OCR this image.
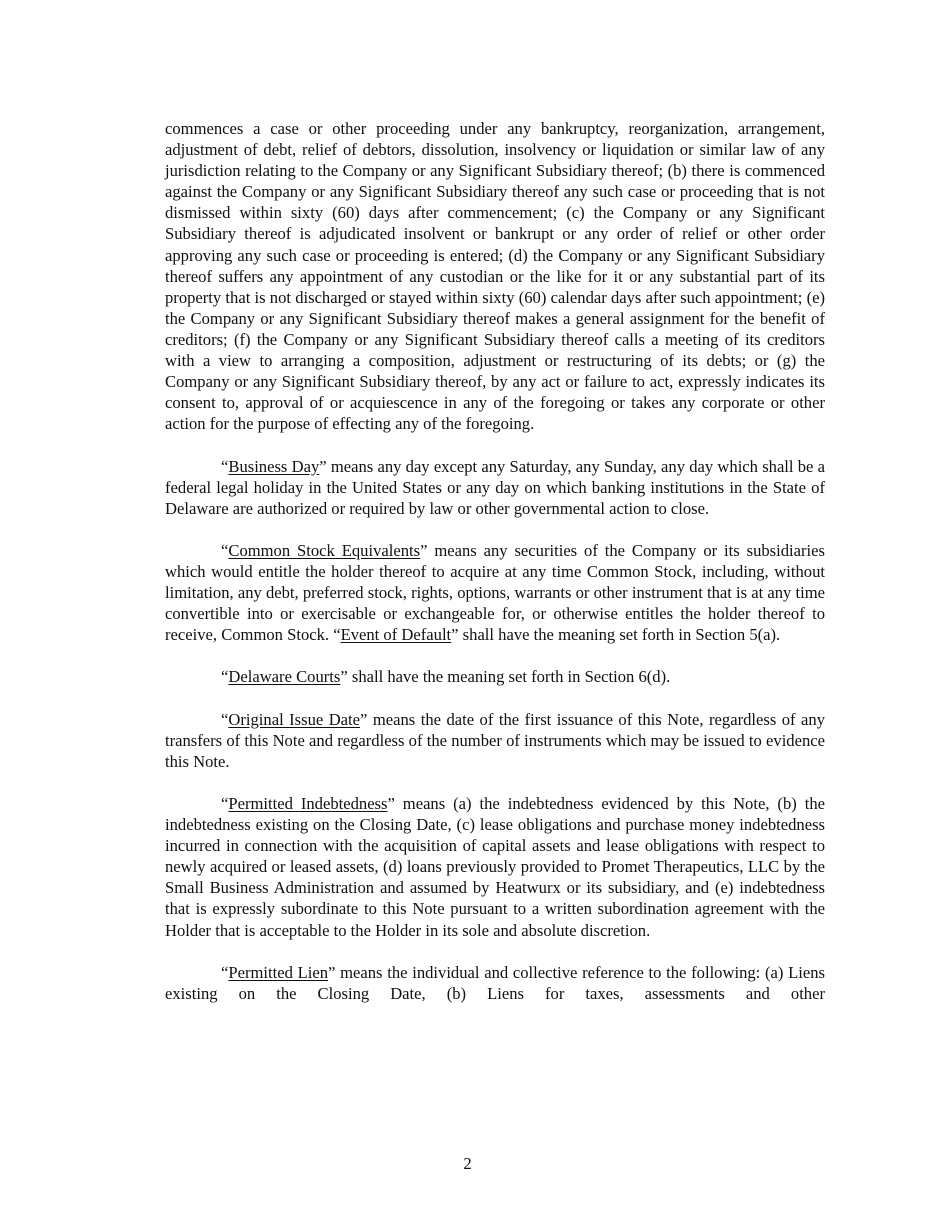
commences a case or other proceeding under any bankruptcy, reorganization, arrangement, adjustment of debt, relief of debtors, dissolution, insolvency or liquidation or similar law of any jurisdiction relating to the Company or any Significant Subsidiary thereof; (b) there is commenced against the Company or any Significant Subsidiary thereof any such case or proceeding that is not dismissed within sixty (60) days after commencement; (c) the Company or any Significant Subsidiary thereof is adjudicated insolvent or bankrupt or any order of relief or other order approving any such case or proceeding is entered; (d) the Company or any Significant Subsidiary thereof suffers any appointment of any custodian or the like for it or any substantial part of its property that is not discharged or stayed within sixty (60) calendar days after such appointment; (e) the Company or any Significant Subsidiary thereof makes a general assignment for the benefit of creditors; (f) the Company or any Significant Subsidiary thereof calls a meeting of its creditors with a view to arranging a composition, adjustment or restructuring of its debts; or (g) the Company or any Significant Subsidiary thereof, by any act or failure to act, expressly indicates its consent to, approval of or acquiescence in any of the foregoing or takes any corporate or other action for the purpose of effecting any of the foregoing.

“Business Day” means any day except any Saturday, any Sunday, any day which shall be a federal legal holiday in the United States or any day on which banking institutions in the State of Delaware are authorized or required by law or other governmental action to close.

“Common Stock Equivalents” means any securities of the Company or its subsidiaries which would entitle the holder thereof to acquire at any time Common Stock, including, without limitation, any debt, preferred stock, rights, options, warrants or other instrument that is at any time convertible into or exercisable or exchangeable for, or otherwise entitles the holder thereof to receive, Common Stock. “Event of Default” shall have the meaning set forth in Section 5(a).

“Delaware Courts” shall have the meaning set forth in Section 6(d).

“Original Issue Date” means the date of the first issuance of this Note, regardless of any transfers of this Note and regardless of the number of instruments which may be issued to evidence this Note.

“Permitted Indebtedness” means (a) the indebtedness evidenced by this Note, (b) the indebtedness existing on the Closing Date, (c) lease obligations and purchase money indebtedness incurred in connection with the acquisition of capital assets and lease obligations with respect to newly acquired or leased assets, (d) loans previously provided to Promet Therapeutics, LLC by the Small Business Administration and assumed by Heatwurx or its subsidiary, and (e) indebtedness that is expressly subordinate to this Note pursuant to a written subordination agreement with the Holder that is acceptable to the Holder in its sole and absolute discretion.

“Permitted Lien” means the individual and collective reference to the following: (a) Liens existing on the Closing Date, (b) Liens for taxes, assessments and other

2
